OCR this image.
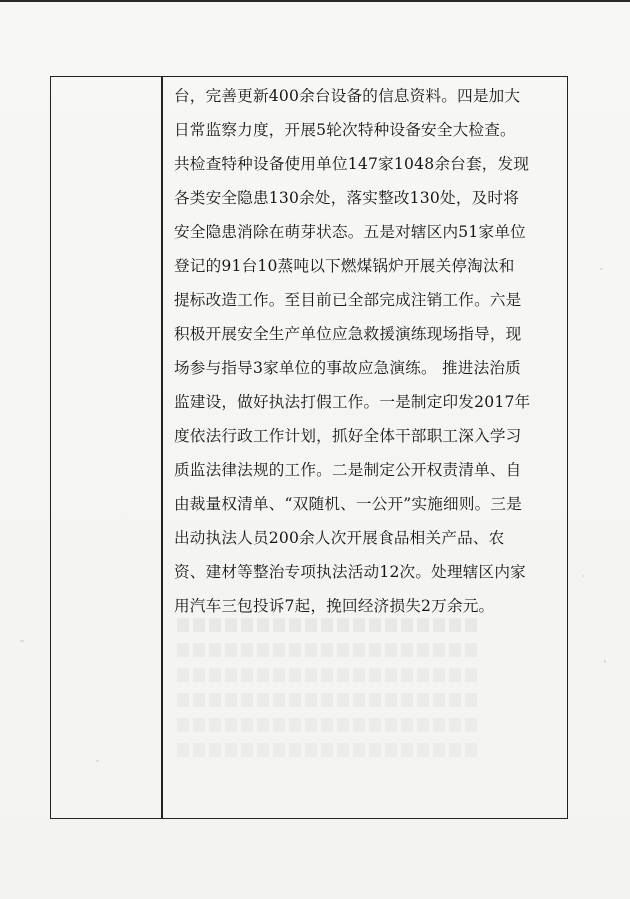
台，完善更新400余台设备的信息资料。四是加大
日常监察力度，开展5轮次特种设备安全大检查。
共检查特种设备使用单位147家1048余台套，发现
各类安全隐患130余处，落实整改130处，及时将
安全隐患消除在萌芽状态。五是对辖区内51家单位
登记的91台10蒸吨以下燃煤锅炉开展关停淘汰和
提标改造工作。至目前已全部完成注销工作。六是
积极开展安全生产单位应急救援演练现场指导，现
场参与指导3家单位的事故应急演练。 推进法治质
监建设，做好执法打假工作。一是制定印发2017年
度依法行政工作计划，抓好全体干部职工深入学习
质监法律法规的工作。二是制定公开权责清单、自
由裁量权清单、“双随机、一公开”实施细则。三是
出动执法人员200余人次开展食品相关产品、农
资、建材等整治专项执法活动12次。处理辖区内家
用汽车三包投诉7起，挽回经济损失2万余元。
